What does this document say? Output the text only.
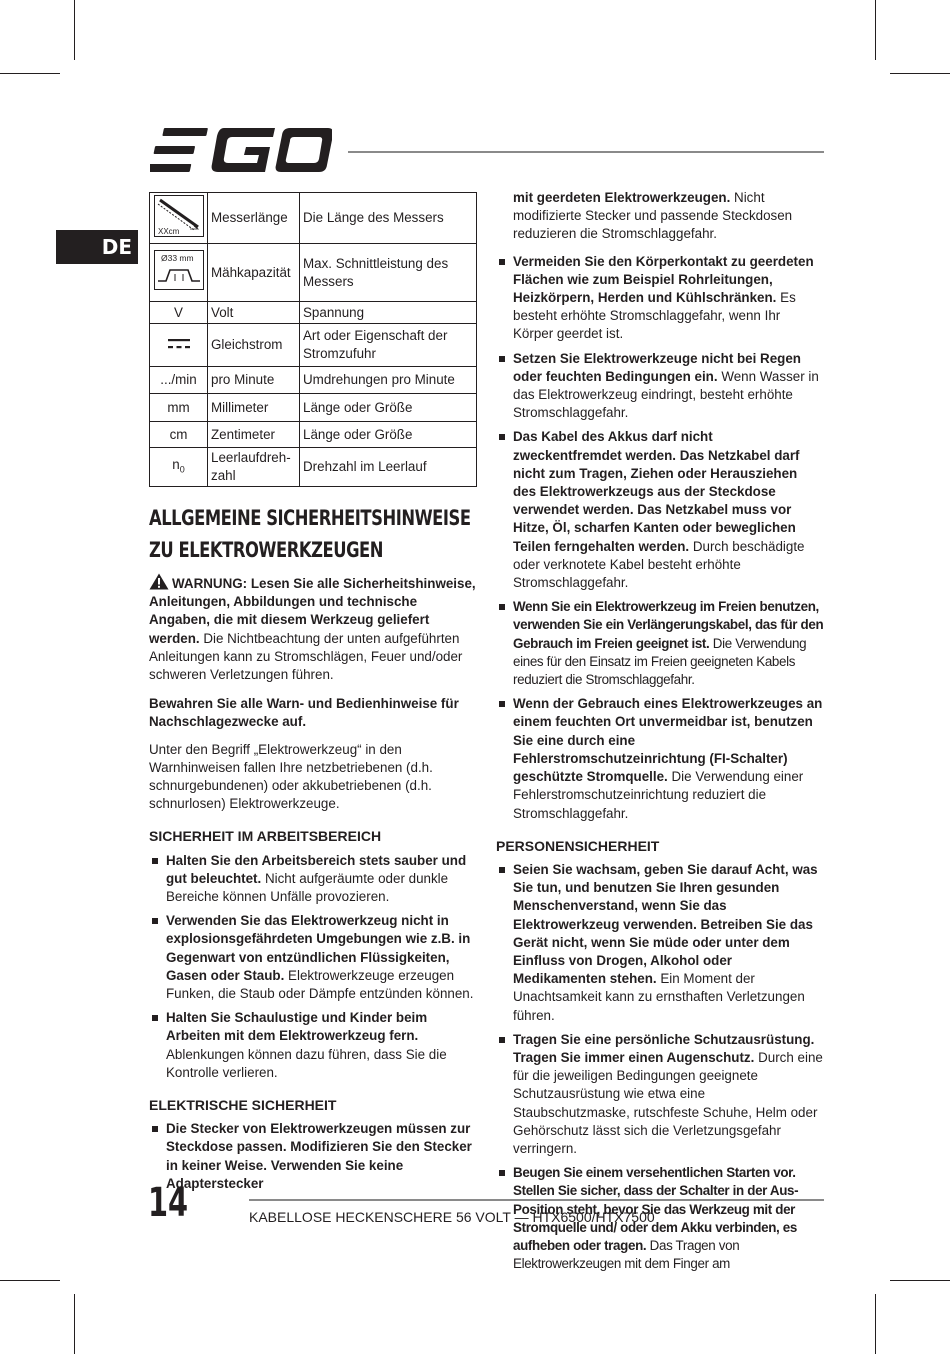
DE
XXcm	Messerlänge	Die Länge des Messers

Ø33 mm	Mähkapazität	Max. Schnittleistung des Messers
V	Volt	Spannung
	Gleichstrom	Art oder Eigenschaft der Stromzufuhr
.../min	pro Minute	Umdrehungen pro Minute
mm	Millimeter	Länge oder Größe
cm	Zentimeter	Länge oder Größe
$n_0$	Leerlaufdreh-zahl	Drehzahl im Leerlauf
ALLGEMEINE SICHERHEITSHINWEISE ZU ELEKTROWERKZEUGEN

WARNUNG: Lesen Sie alle Sicherheitshinweise, Anleitungen, Abbildungen und technische Angaben, die mit diesem Werkzeug geliefert werden. Die Nichtbeachtung der unten aufgeführten Anleitungen kann zu Stromschlägen, Feuer und/oder schweren Verletzungen führen.

Bewahren Sie alle Warn- und Bedienhinweise für Nachschlagezwecke auf.

Unter den Begriff „Elektrowerkzeug“ in den Warnhinweisen fallen Ihre netzbetriebenen (d.h. schnurgebundenen) oder akkubetriebenen (d.h. schnurlosen) Elektrowerkzeuge.

SICHERHEIT IM ARBEITSBEREICH
Halten Sie den Arbeitsbereich stets sauber und gut beleuchtet. Nicht aufgeräumte oder dunkle Bereiche können Unfälle provozieren.
Verwenden Sie das Elektrowerkzeug nicht in explosionsgefährdeten Umgebungen wie z.B. in Gegenwart von entzündlichen Flüssigkeiten, Gasen oder Staub. Elektrowerkzeuge erzeugen Funken, die Staub oder Dämpfe entzünden können.
Halten Sie Schaulustige und Kinder beim Arbeiten mit dem Elektrowerkzeug fern. Ablenkungen können dazu führen, dass Sie die Kontrolle verlieren.
ELEKTRISCHE SICHERHEIT
Die Stecker von Elektrowerkzeugen müssen zur Steckdose passen. Modifizieren Sie den Stecker in keiner Weise. Verwenden Sie keine Adapterstecker

mit geerdeten Elektrowerkzeugen. Nicht modifizierte Stecker und passende Steckdosen reduzieren die Stromschlaggefahr.

Vermeiden Sie den Körperkontakt zu geerdeten Flächen wie zum Beispiel Rohrleitungen, Heizkörpern, Herden und Kühlschränken. Es besteht erhöhte Stromschlaggefahr, wenn Ihr Körper geerdet ist.
Setzen Sie Elektrowerkzeuge nicht bei Regen oder feuchten Bedingungen ein. Wenn Wasser in das Elektrowerkzeug eindringt, besteht erhöhte Stromschlaggefahr.
Das Kabel des Akkus darf nicht zweckentfremdet werden. Das Netzkabel darf nicht zum Tragen, Ziehen oder Herausziehen des Elektrowerkzeugs aus der Steckdose verwendet werden. Das Netzkabel muss vor Hitze, Öl, scharfen Kanten oder beweglichen Teilen ferngehalten werden. Durch beschädigte oder verknotete Kabel besteht erhöhte Stromschlaggefahr.
Wenn Sie ein Elektrowerkzeug im Freien benutzen, verwenden Sie ein Verlängerungskabel, das für den Gebrauch im Freien geeignet ist. Die Verwendung eines für den Einsatz im Freien geeigneten Kabels reduziert die Stromschlaggefahr.
Wenn der Gebrauch eines Elektrowerkzeuges an einem feuchten Ort unvermeidbar ist, benutzen Sie eine durch eine Fehlerstromschutzeinrichtung (FI-Schalter) geschützte Stromquelle. Die Verwendung einer Fehlerstromschutzeinrichtung reduziert die Stromschlaggefahr.
PERSONENSICHERHEIT
Seien Sie wachsam, geben Sie darauf Acht, was Sie tun, und benutzen Sie Ihren gesunden Menschenverstand, wenn Sie das Elektrowerkzeug verwenden. Betreiben Sie das Gerät nicht, wenn Sie müde oder unter dem Einfluss von Drogen, Alkohol oder Medikamenten stehen. Ein Moment der Unachtsamkeit kann zu ernsthaften Verletzungen führen.
Tragen Sie eine persönliche Schutzausrüstung. Tragen Sie immer einen Augenschutz. Durch eine für die jeweiligen Bedingungen geeignete Schutzausrüstung wie etwa eine Staubschutzmaske, rutschfeste Schuhe, Helm oder Gehörschutz lässt sich die Verletzungsgefahr verringern.
Beugen Sie einem versehentlichen Starten vor. Stellen Sie sicher, dass der Schalter in der Aus-Position steht, bevor Sie das Werkzeug mit der Stromquelle und/ oder dem Akku verbinden, es aufheben oder tragen. Das Tragen von Elektrowerkzeugen mit dem Finger am
14	KABELLOSE HECKENSCHERE 56 VOLT — HTX6500/HTX7500
